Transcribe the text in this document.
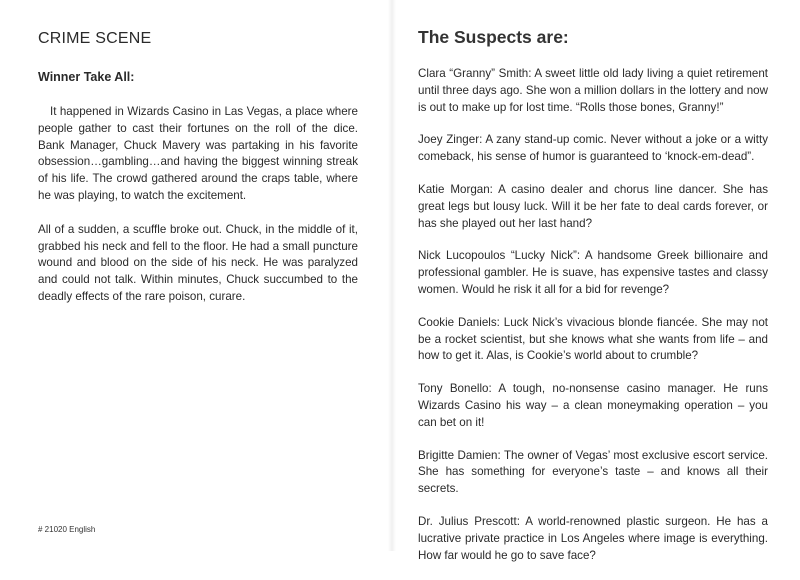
CRIME SCENE
Winner Take All:

It happened in Wizards Casino in Las Vegas, a place where people gather to cast their fortunes on the roll of the dice. Bank Manager, Chuck Mavery was partaking in his favorite obsession…gambling…and having the biggest winning streak of his life. The crowd gathered around the craps table, where he was playing, to watch the excitement.

All of a sudden, a scuffle broke out. Chuck, in the middle of it, grabbed his neck and fell to the floor. He had a small puncture wound and blood on the side of his neck. He was paralyzed and could not talk. Within minutes, Chuck succumbed to the deadly effects of the rare poison, curare.

# 21020 English
The Suspects are:

Clara “Granny” Smith: A sweet little old lady living a quiet retirement until three days ago. She won a million dollars in the lottery and now is out to make up for lost time. “Rolls those bones, Granny!”

Joey Zinger: A zany stand-up comic. Never without a joke or a witty comeback, his sense of humor is guaranteed to ‘knock-em-dead”.

Katie Morgan: A casino dealer and chorus line dancer. She has great legs but lousy luck. Will it be her fate to deal cards forever, or has she played out her last hand?

Nick Lucopoulos “Lucky Nick”: A handsome Greek billionaire and professional gambler. He is suave, has expensive tastes and classy women. Would he risk it all for a bid for revenge?

Cookie Daniels: Luck Nick’s vivacious blonde fiancée. She may not be a rocket scientist, but she knows what she wants from life – and how to get it. Alas, is Cookie’s world about to crumble?

Tony Bonello: A tough, no-nonsense casino manager. He runs Wizards Casino his way – a clean moneymaking operation – you can bet on it!

Brigitte Damien: The owner of Vegas’ most exclusive escort service. She has something for everyone’s taste – and knows all their secrets.

Dr. Julius Prescott: A world-renowned plastic surgeon. He has a lucrative private practice in Los Angeles where image is everything. How far would he go to save face?
